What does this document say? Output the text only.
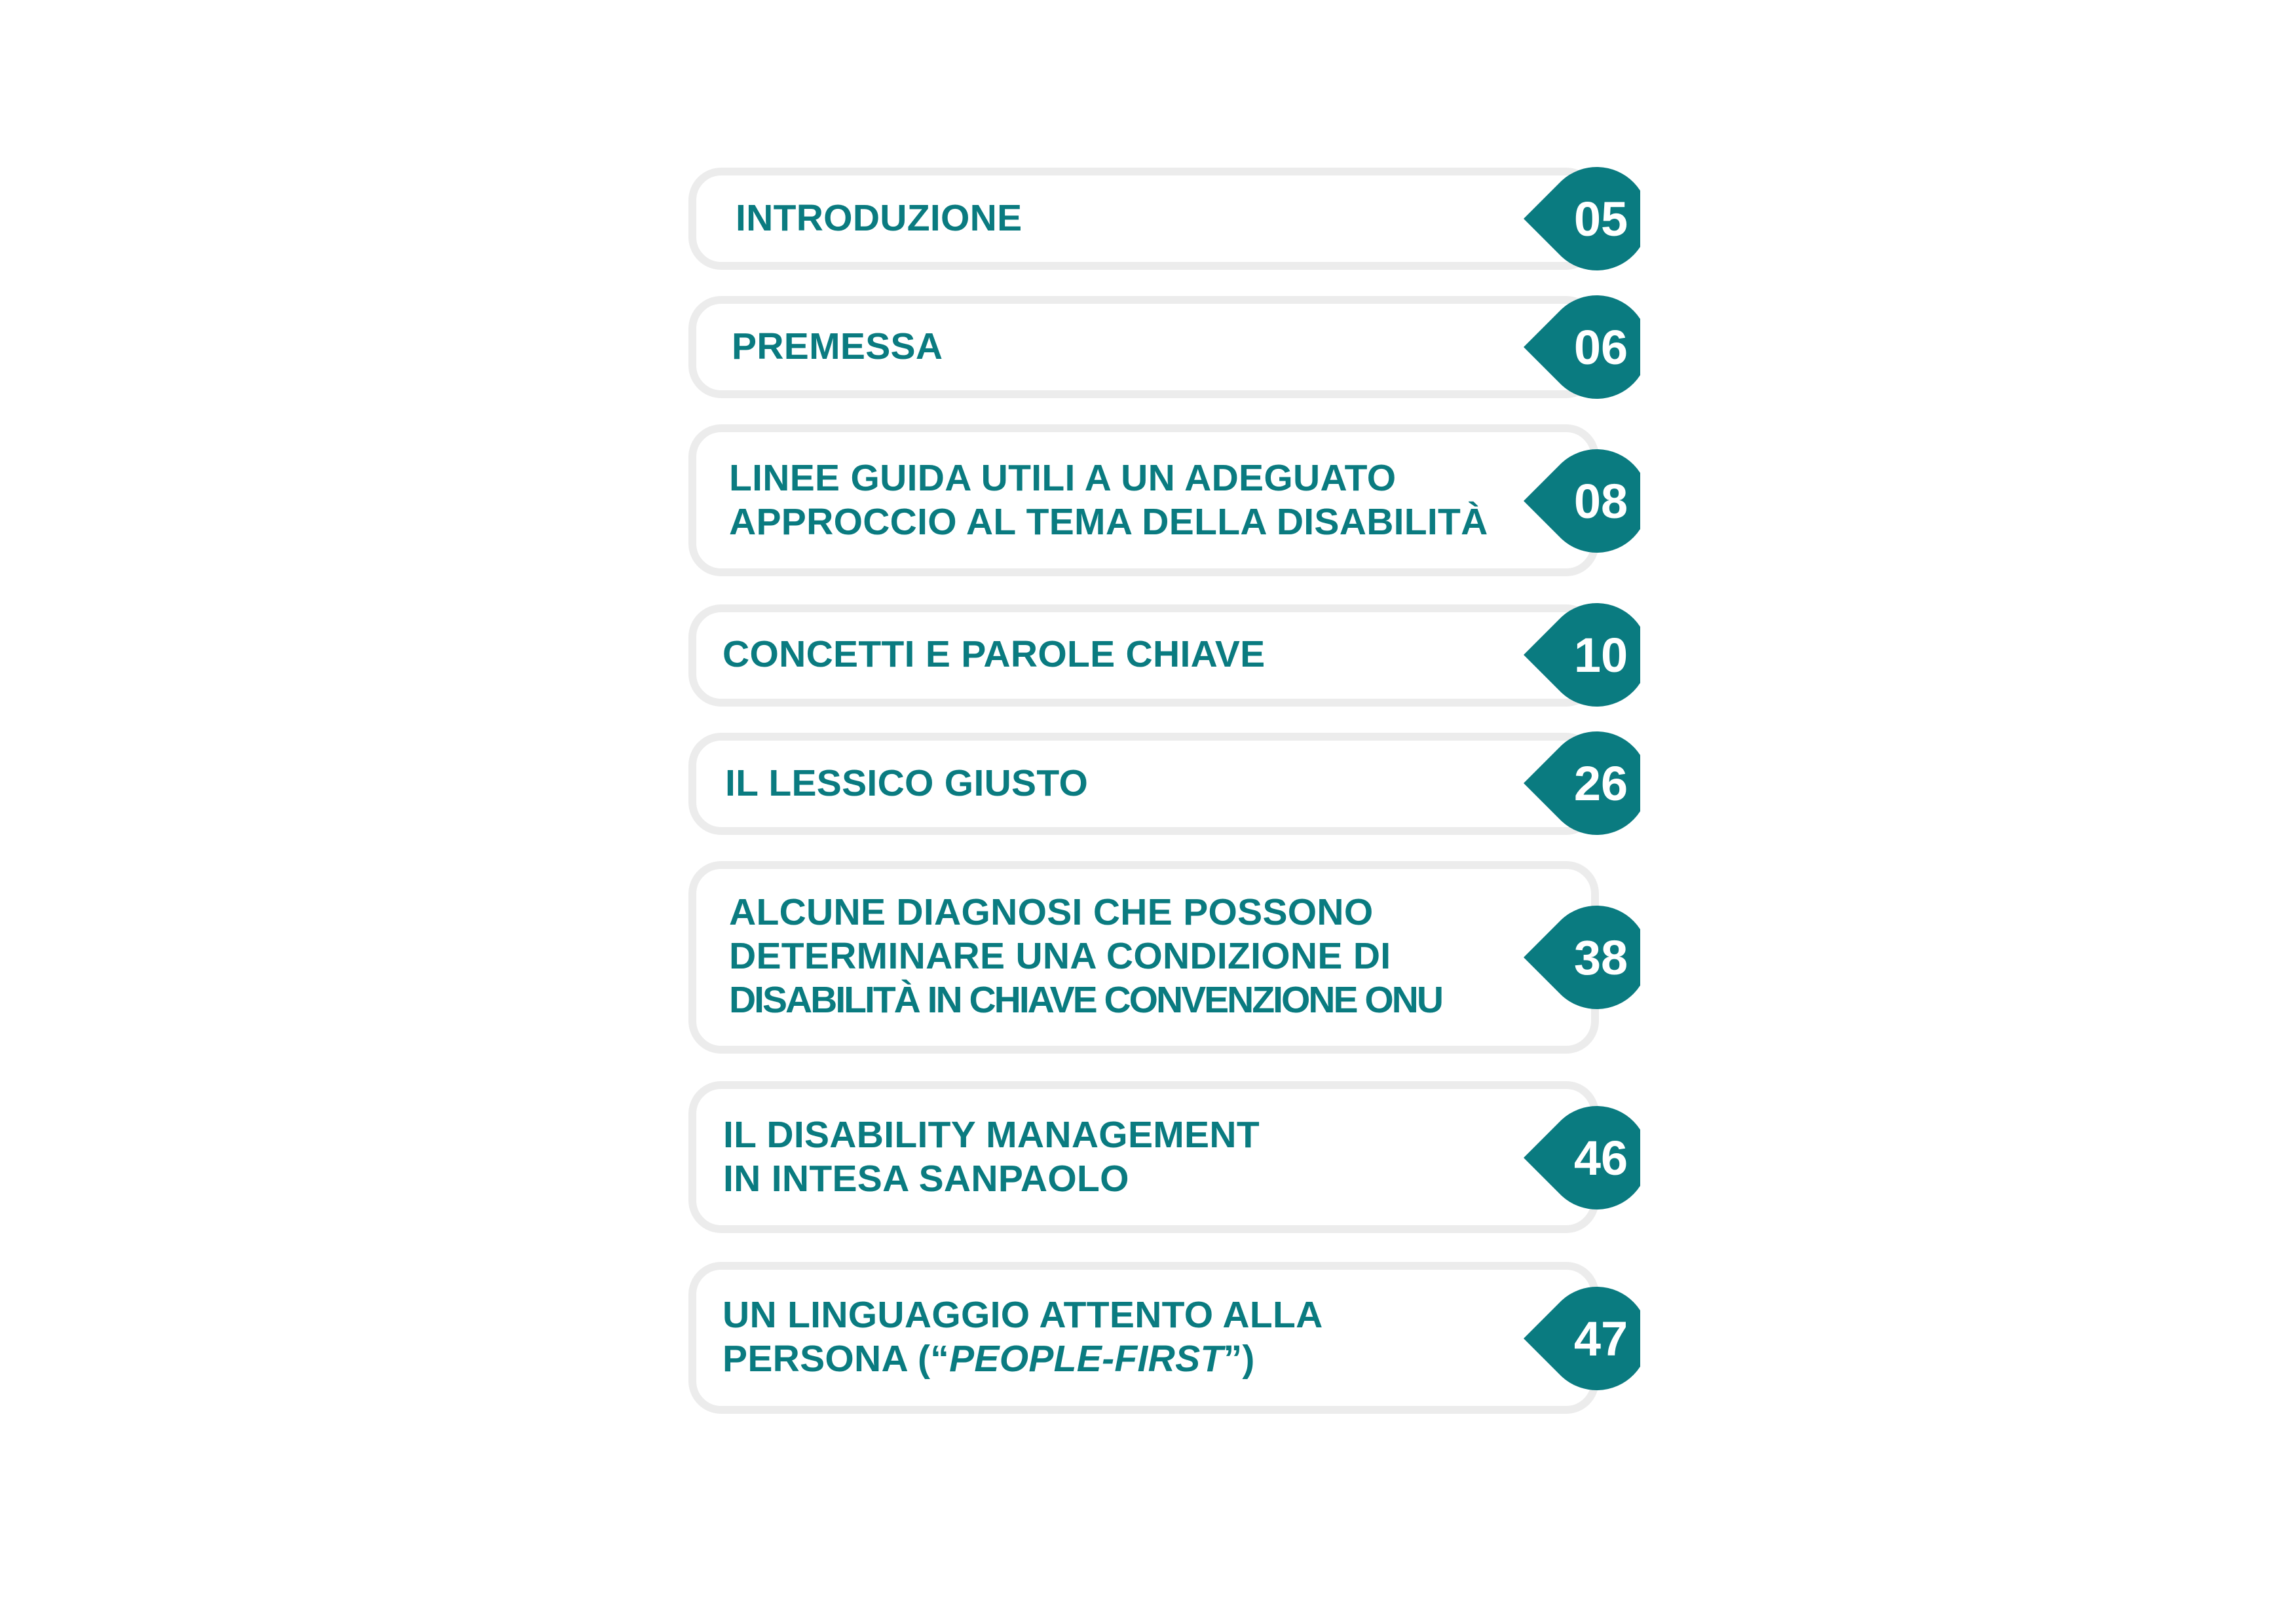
INTRODUZIONE	05
PREMESSA	06
LINEE GUIDA UTILI A UN ADEGUATO
APPROCCIO AL TEMA DELLA DISABILITÀ 08
CONCETTI E PAROLE CHIAVE	10
IL LESSICO GIUSTO	26
ALCUNE DIAGNOSI CHE POSSONO
DETERMINARE UNA CONDIZIONE DI
DISABILITÀ IN CHIAVE CONVENZIONE ONU
38
IL DISABILITY MANAGEMENT
IN INTESA SANPAOLO	46
UN LINGUAGGIO ATTENTO ALLA
PERSONA (“PEOPLE-FIRST”)	47
